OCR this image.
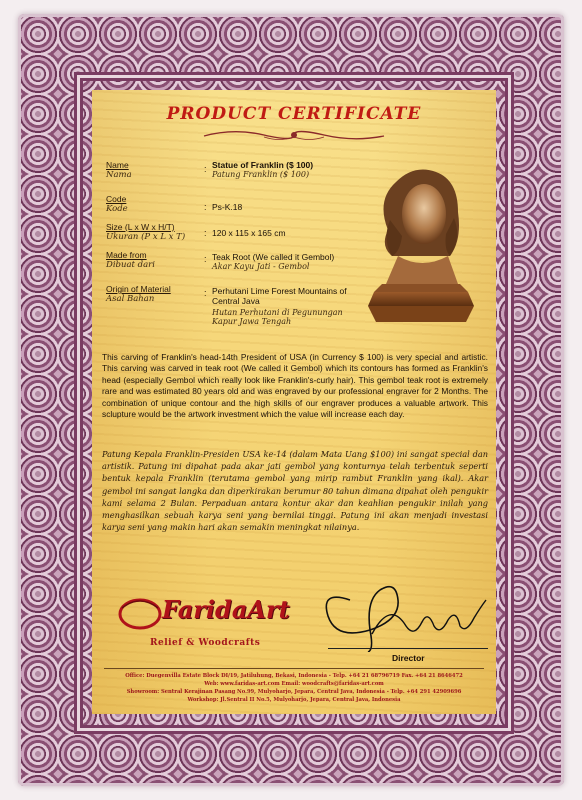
PRODUCT CERTIFICATE
Name
Nama
: Statue of Franklin ($ 100)
Patung Franklin ($ 100)
Code
Kode	: Ps-K.18
Size (L x W x H/T)
Ukuran (P x L x T) : 120 x 115 x 165 cm
Made from
Dibuat dari
: Teak Root (We called it Gembol)
Akar Kayu Jati - Gembol
Origin of Material
Asal Bahan
: Perhutani Lime Forest Mountains of Central Java
Hutan Perhutani di Pegunungan Kapur Jawa Tengah
This carving of Franklin's head-14th President of USA (in Currency $ 100) is very special and artistic. This carving was carved in teak root (We called it Gembol) which its contours has formed as Franklin's head (especially Gembol which really look like Franklin's-curly hair). This gembol teak root is extremely rare and was estimated 80 years old and was engraved by our professional engraver for 2 Months. The combination of unique contour and the high skills of our engraver produces a valuable artwork. This sclupture would be the artwork investment which the value will increase each day.
Patung Kepala Franklin-Presiden USA ke-14 (dalam Mata Uang $100) ini sangat special dan artistik. Patung ini dipahat pada akar jati gembol yang konturnya telah terbentuk seperti bentuk kepala Franklin (terutama gembol yang mirip rambut Franklin yang ikal). Akar gembol ini sangat langka dan diperkirakan berumur 80 tahun dimana dipahat oleh pengukir kami selama 2 Bulan. Perpaduan antara kontur akar dan keahlian pengukir inilah yang menghasilkan sebuah karya seni yang bernilai tinggi. Patung ini akan menjadi investasi karya seni yang makin hari akan semakin meningkat nilainya.
FaridaArt
Relief & Woodcrafts
Director
Office: Duegenvilla Estate Block DI/19, Jatiluhung, Bekasi, Indonesia - Telp. +64 21 68796719 Fax. +64 21 8646472
Web: www.faridas-art.com Email: woodcrafts@faridas-art.com
Showroom: Sentral Kerajinan Pasang No.99, Mulyoharjo, Jepara, Central Java, Indonesia - Telp. +64 291 42909696
Workshop: Jl.Sentral II No.5, Mulyoharjo, Jepara, Central Java, Indonesia
